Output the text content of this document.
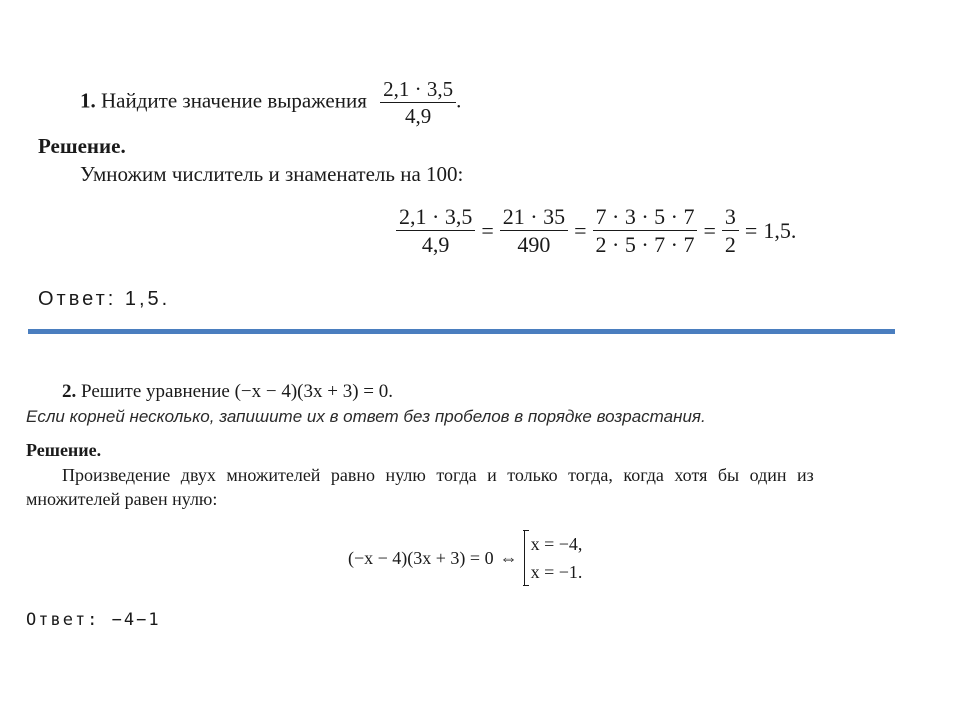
1. Найдите значение выражения $\frac{2,1 \cdot 3,5}{4,9}$ .
Решение.
Умножим числитель и знаменатель на 100:
$\frac{2,1 \cdot 3,5}{4,9} = \frac{21 \cdot 35}{490} = \frac{7 \cdot 3 \cdot 5 \cdot 7}{2 \cdot 5 \cdot 7 \cdot 7} = \frac{3}{2} = 1,5$.
Ответ: 1,5.
2. Решите уравнение (−x − 4)(3x + 3) = 0.
Если корней несколько, запишите их в ответ без пробелов в порядке возрастания.
Решение.
Произведение двух множителей равно нулю тогда и только тогда, когда хотя бы один из
множителей равен нулю:
(−x − 4)(3x + 3) = 0 ⇔
x = −4,
x = −1.
Ответ: −4−1
